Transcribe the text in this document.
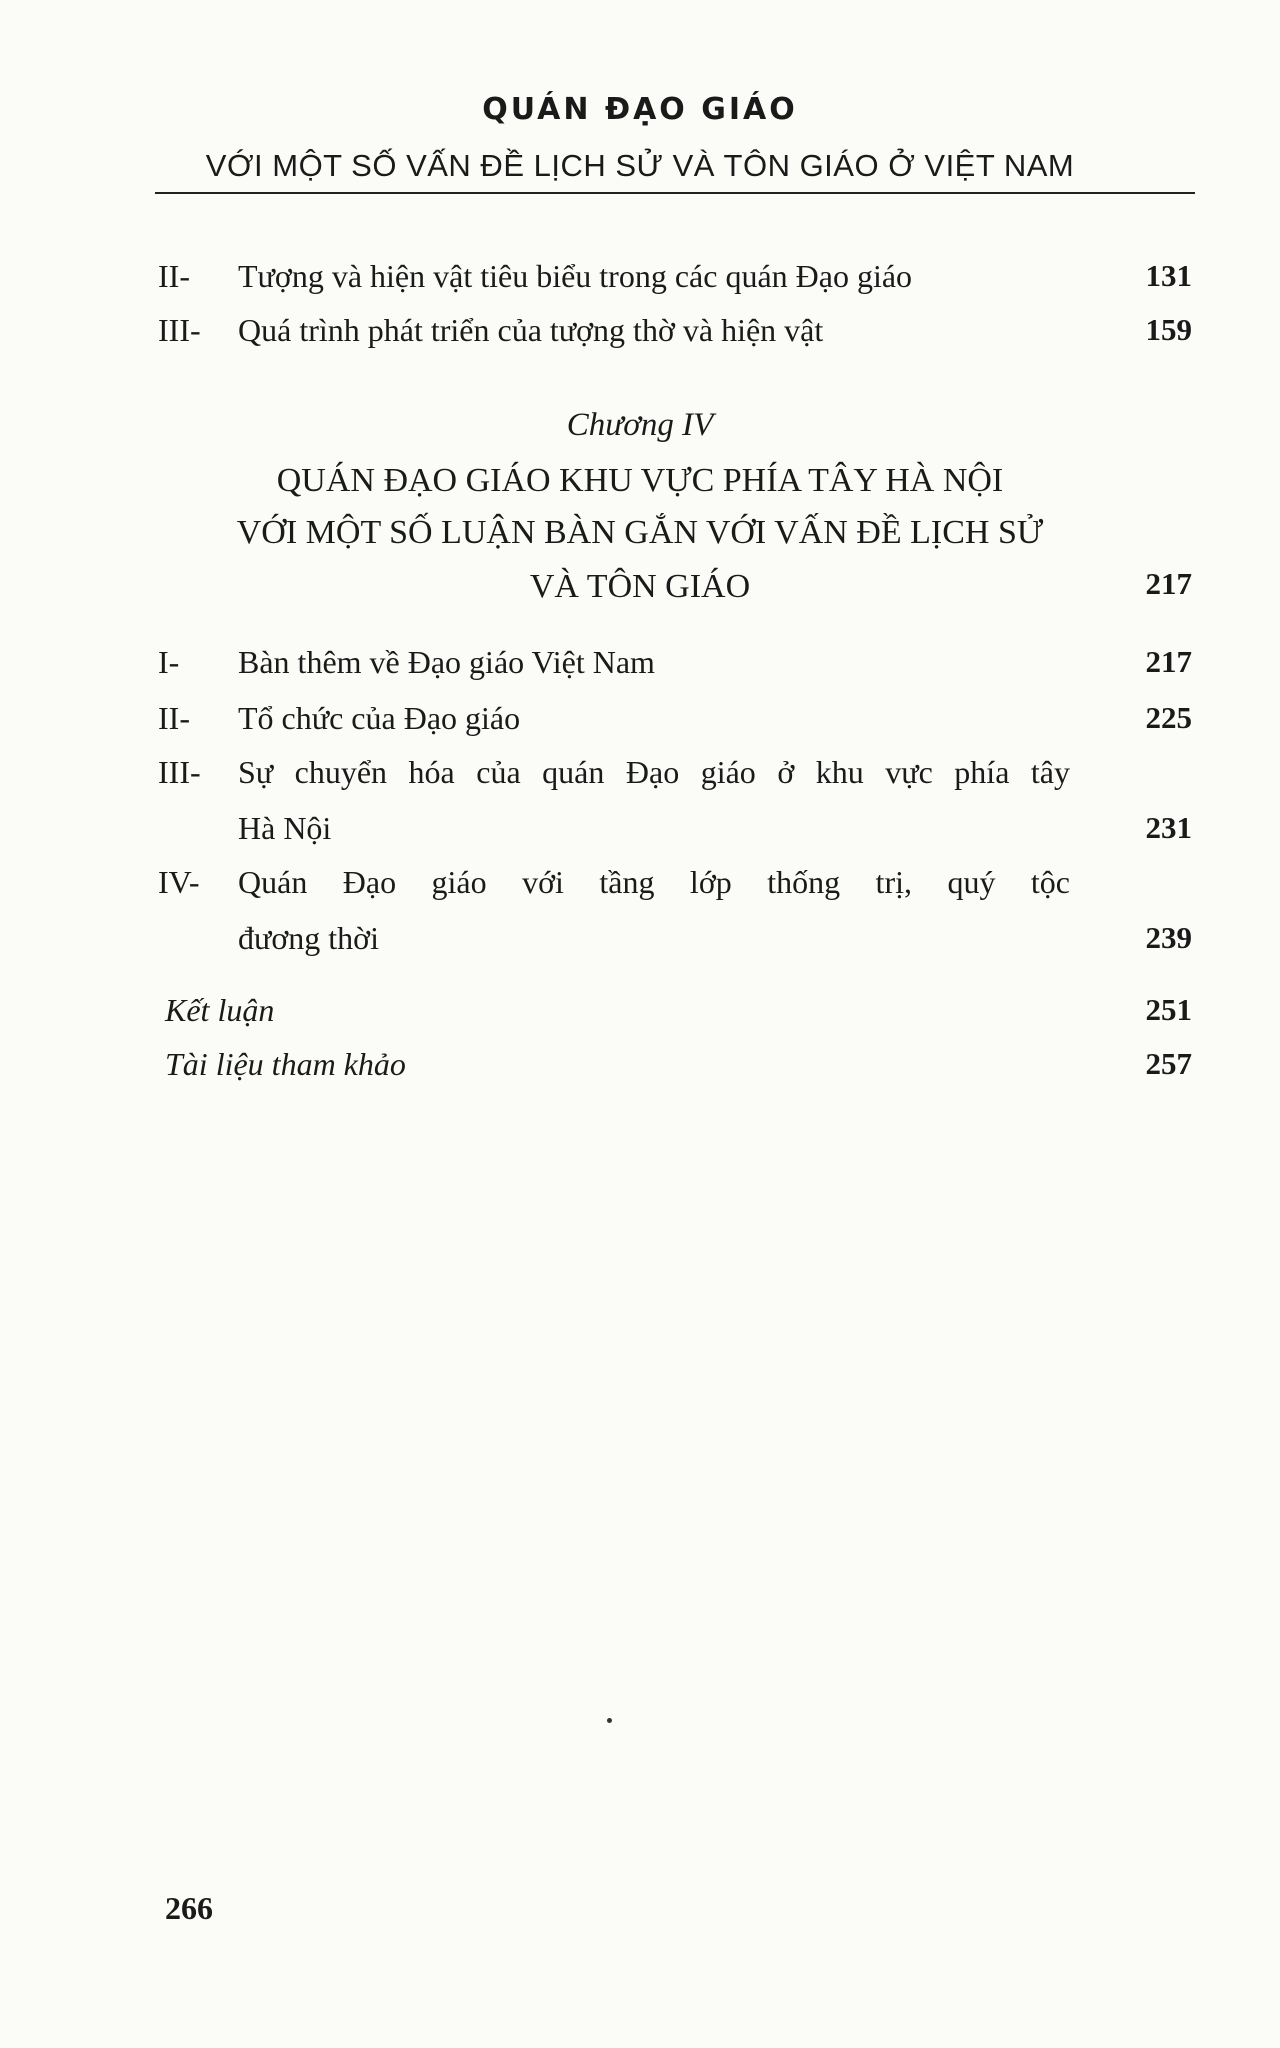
QUÁN ĐẠO GIÁO
VỚI MỘT SỐ VẤN ĐỀ LỊCH SỬ VÀ TÔN GIÁO Ở VIỆT NAM
II- Tượng và hiện vật tiêu biểu trong các quán Đạo giáo	131
III- Quá trình phát triển của tượng thờ và hiện vật	159
Chương IV
QUÁN ĐẠO GIÁO KHU VỰC PHÍA TÂY HÀ NỘI
VỚI MỘT SỐ LUẬN BÀN GẮN VỚI VẤN ĐỀ LỊCH SỬ
VÀ TÔN GIÁO	217
I- Bàn thêm về Đạo giáo Việt Nam	217
II- Tổ chức của Đạo giáo	225
III- Sự chuyển hóa của quán Đạo giáo ở khu vực phía tây
Hà Nội	231
IV- Quán Đạo giáo với tầng lớp thống trị, quý tộc
đương thời	239
Kết luận	251
Tài liệu tham khảo	257
266
